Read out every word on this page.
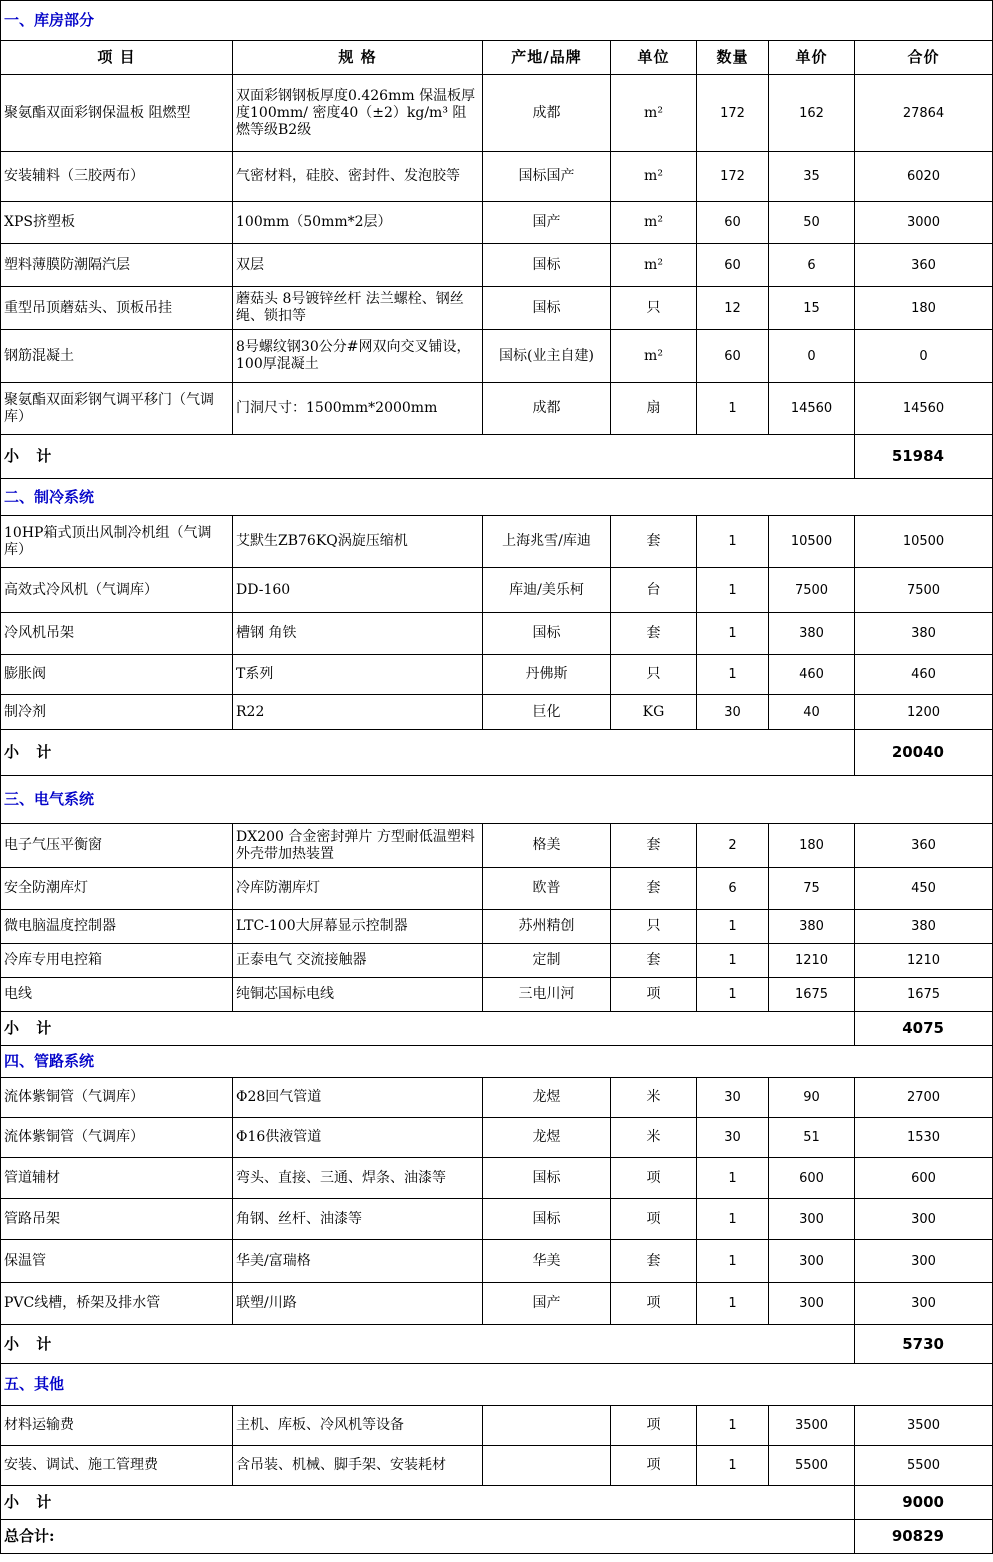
一、库房部分						
项 目	规 格	产地/品牌	单位	数量	单价	合价
聚氨酯双面彩钢保温板 阻燃型	双面彩钢钢板厚度0.426mm 保温板厚度100mm/ 密度40（±2）kg/m³ 阻燃等级B2级	成都	m²	172	162	27864
安装辅料（三胶两布）	气密材料，硅胶、密封件、发泡胶等	国标国产	m²	172	35	6020
XPS挤塑板	100mm（50mm*2层）	国产	m²	60	50	3000
塑料薄膜防潮隔汽层	双层	国标	m²	60	6	360
重型吊顶蘑菇头、顶板吊挂	蘑菇头 8号镀锌丝杆 法兰螺栓、钢丝绳、锁扣等	国标	只	12	15	180
钢筋混凝土	8号螺纹钢30公分#网双向交叉铺设，100厚混凝土	国标(业主自建)	m²	60	0	0
聚氨酯双面彩钢气调平移门（气调库）	门洞尺寸：1500mm*2000mm	成都	扇	1	14560	14560
小 计						51984
二、制冷系统						
10HP箱式顶出风制冷机组（气调库）	艾默生ZB76KQ涡旋压缩机	上海兆雪/库迪	套	1	10500	10500
高效式冷风机（气调库）	DD-160	库迪/美乐柯	台	1	7500	7500
冷风机吊架	槽钢 角铁	国标	套	1	380	380
膨胀阀	T系列	丹佛斯	只	1	460	460
制冷剂	R22	巨化	KG	30	40	1200
小 计						20040
三、电气系统						
电子气压平衡窗	DX200 合金密封弹片 方型耐低温塑料外壳带加热装置	格美	套	2	180	360
安全防潮库灯	冷库防潮库灯	欧普	套	6	75	450
微电脑温度控制器	LTC-100大屏幕显示控制器	苏州精创	只	1	380	380
冷库专用电控箱	正泰电气 交流接触器	定制	套	1	1210	1210
电线	纯铜芯国标电线	三电川河	项	1	1675	1675
小 计						4075
四、管路系统						
流体紫铜管（气调库）	Φ28回气管道	龙煜	米	30	90	2700
流体紫铜管（气调库）	Φ16供液管道	龙煜	米	30	51	1530
管道辅材	弯头、直接、三通、焊条、油漆等	国标	项	1	600	600
管路吊架	角钢、丝杆、油漆等	国标	项	1	300	300
保温管	华美/富瑞格	华美	套	1	300	300
PVC线槽，桥架及排水管	联塑/川路	国产	项	1	300	300
小 计						5730
五、其他						
材料运输费	主机、库板、冷风机等设备		项	1	3500	3500
安装、调试、施工管理费	含吊装、机械、脚手架、安装耗材		项	1	5500	5500
小 计						9000
总合计:						90829
